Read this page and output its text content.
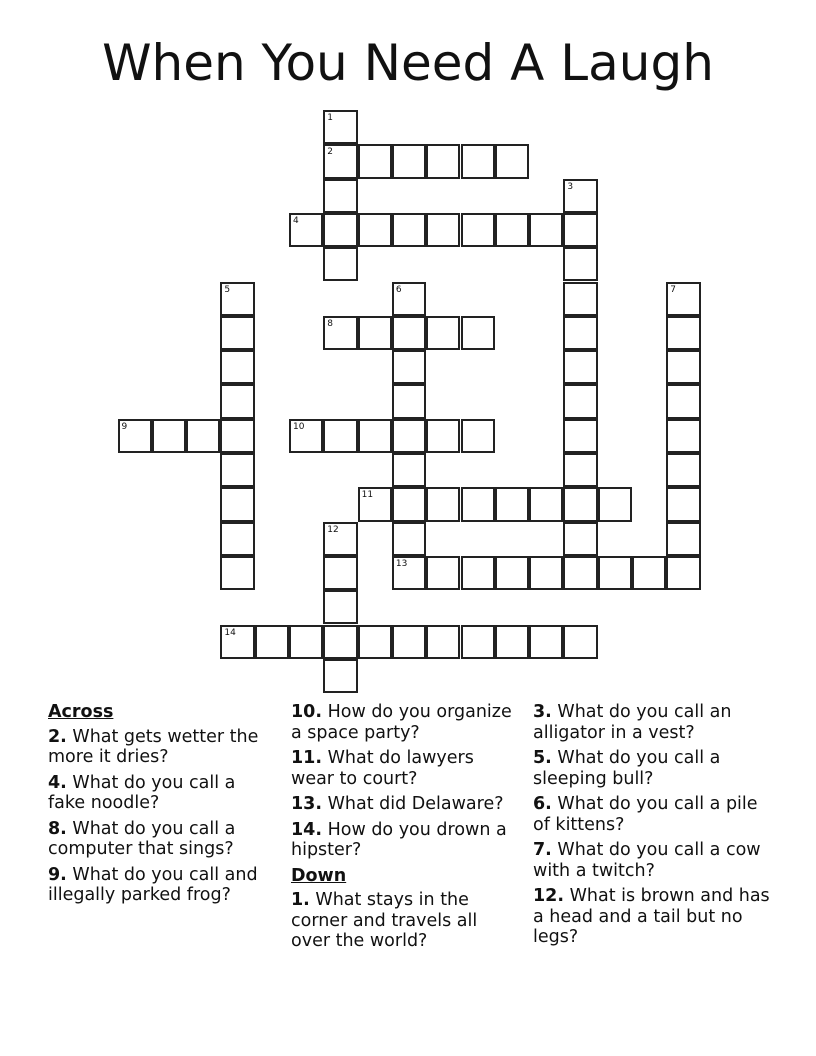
When You Need A Laugh
1
2
3
4
5	6	7
8
9	10
11
12
13
14
Across
2. What gets wetter the more it dries?
4. What do you call a fake noodle?
8. What do you call a computer that sings?
9. What do you call and illegally parked frog?
10. How do you organize a space party?
11. What do lawyers wear to court?
13. What did Delaware?
14. How do you drown a hipster?
Down
1. What stays in the corner and travels all over the world?
3. What do you call an alligator in a vest?
5. What do you call a sleeping bull?
6. What do you call a pile of kittens?
7. What do you call a cow with a twitch?
12. What is brown and has a head and a tail but no legs?
